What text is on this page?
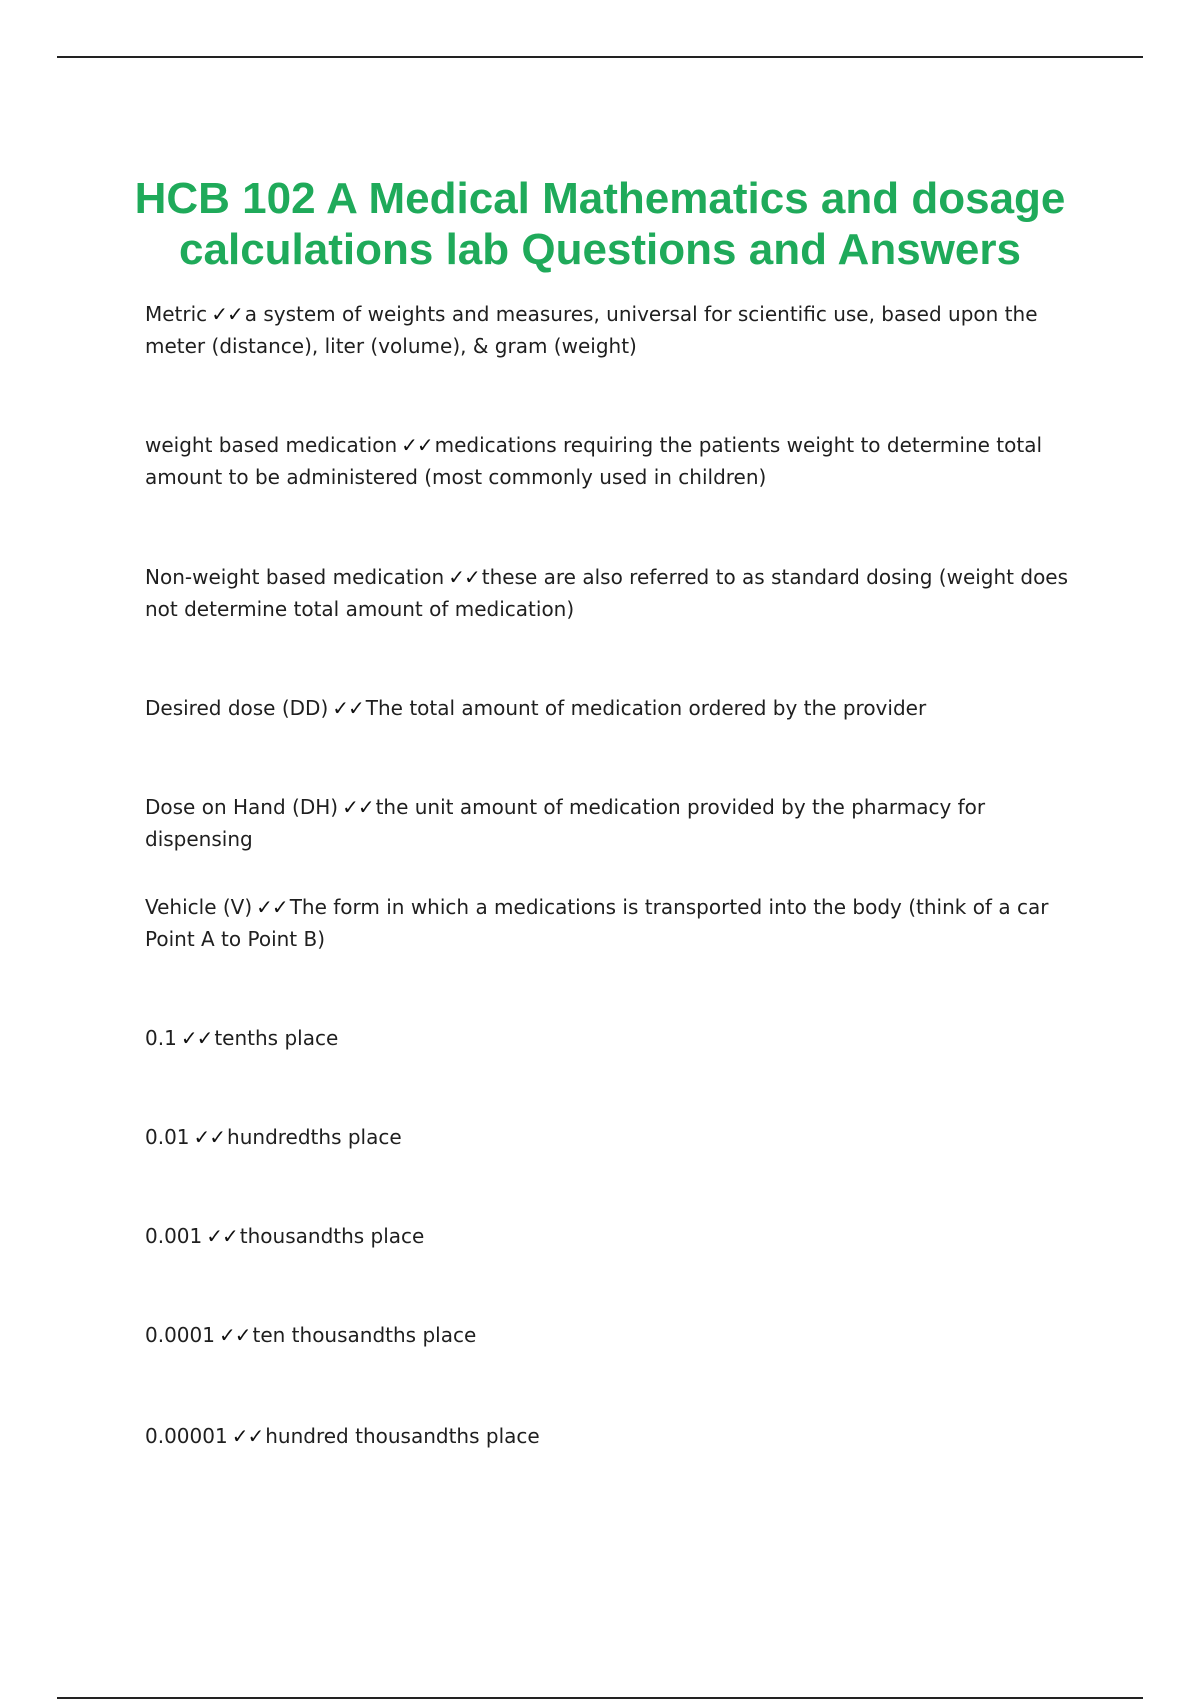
HCB 102 A Medical Mathematics and dosage
calculations lab Questions and Answers

Metric ✓✓ a system of weights and measures, universal for scientific use, based upon the meter (distance), liter (volume), & gram (weight)

weight based medication ✓✓ medications requiring the patients weight to determine total amount to be administered (most commonly used in children)

Non-weight based medication ✓✓ these are also referred to as standard dosing (weight does not determine total amount of medication)

Desired dose (DD) ✓✓ The total amount of medication ordered by the provider

Dose on Hand (DH) ✓✓ the unit amount of medication provided by the pharmacy for dispensing

Vehicle (V) ✓✓ The form in which a medications is transported into the body (think of a car Point A to Point B)

0.1 ✓✓ tenths place

0.01 ✓✓ hundredths place

0.001 ✓✓ thousandths place

0.0001 ✓✓ ten thousandths place

0.00001 ✓✓ hundred thousandths place
